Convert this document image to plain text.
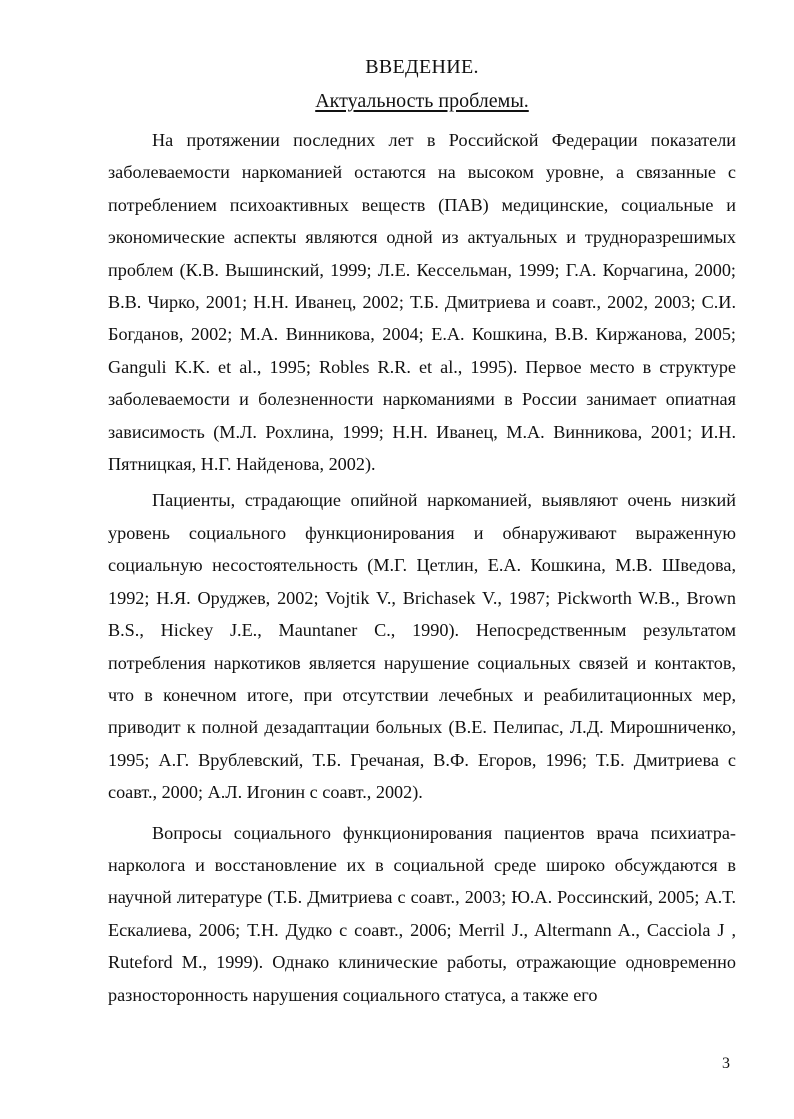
ВВЕДЕНИЕ.
Актуальность проблемы.

На протяжении последних лет в Российской Федерации показатели заболеваемости наркоманией остаются на высоком уровне, а связанные с потреблением психоактивных веществ (ПАВ) медицинские, социальные и экономические аспекты являются одной из актуальных и трудноразрешимых проблем (К.В. Вышинский, 1999; Л.Е. Кессельман, 1999; Г.А. Корчагина, 2000; В.В. Чирко, 2001; Н.Н. Иванец, 2002; Т.Б. Дмитриева и соавт., 2002, 2003; С.И. Богданов, 2002; М.А. Винникова, 2004; Е.А. Кошкина, В.В. Киржанова, 2005; Ganguli K.K. et al., 1995; Robles R.R. et al., 1995). Первое место в структуре заболеваемости и болезненности наркоманиями в России занимает опиатная зависимость (М.Л. Рохлина, 1999; Н.Н. Иванец, М.А. Винникова, 2001; И.Н. Пятницкая, Н.Г. Найденова, 2002).

Пациенты, страдающие опийной наркоманией, выявляют очень низкий уровень социального функционирования и обнаруживают выраженную социальную несостоятельность (М.Г. Цетлин, Е.А. Кошкина, М.В. Шведова, 1992; Н.Я. Оруджев, 2002; Vojtik V., Brichasek V., 1987; Pickworth W.B., Brown B.S., Hickey J.E., Mauntaner C., 1990). Непосредственным результатом потребления наркотиков является нарушение социальных связей и контактов, что в конечном итоге, при отсутствии лечебных и реабилитационных мер, приводит к полной дезадаптации больных (В.Е. Пелипас, Л.Д. Мирошниченко, 1995; А.Г. Врублевский, Т.Б. Гречаная, В.Ф. Егоров, 1996; Т.Б. Дмитриева с соавт., 2000; А.Л. Игонин с соавт., 2002).

Вопросы социального функционирования пациентов врача психиатра-нарколога и восстановление их в социальной среде широко обсуждаются в научной литературе (Т.Б. Дмитриева с соавт., 2003; Ю.А. Россинский, 2005; А.Т. Ескалиева, 2006; Т.Н. Дудко с соавт., 2006; Merril J., Altermann A., Cacciola J , Ruteford M., 1999). Однако клинические работы, отражающие одновременно разносторонность нарушения социального статуса, а также его

3
